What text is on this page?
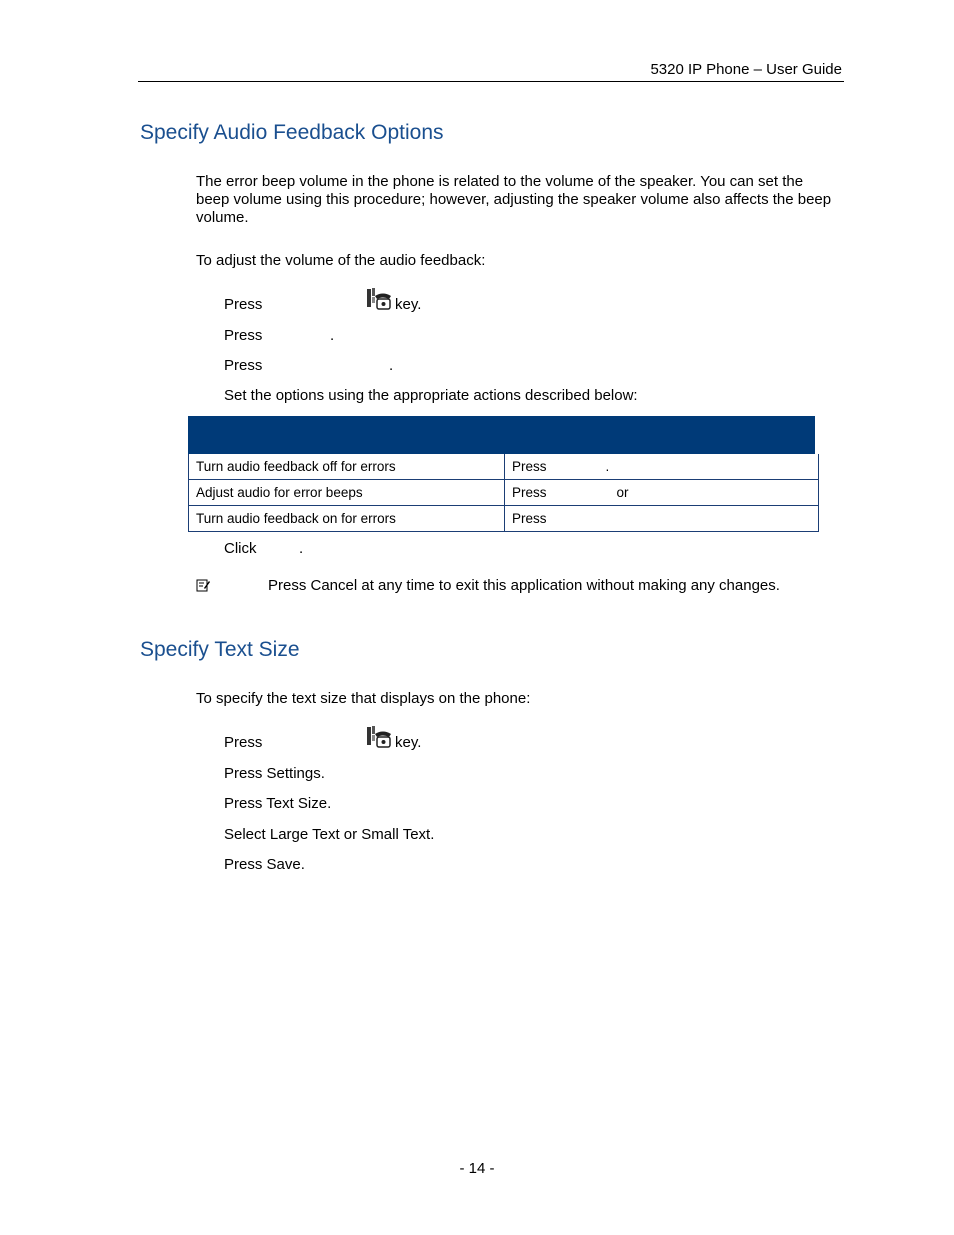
5320 IP Phone – User Guide
Specify Audio Feedback Options
The error beep volume in the phone is related to the volume of the speaker. You can set the beep volume using this procedure; however, adjusting the speaker volume also affects the beep volume.
To adjust the volume of the audio feedback:
Press	key.
Press	.
Press	.
Set the options using the appropriate actions described below:

Turn audio feedback off for errors	Press .
Adjust audio for error beeps	Press or
Turn audio feedback on for errors	Press
Click	.
Press Cancel at any time to exit this application without making any changes.
Specify Text Size
To specify the text size that displays on the phone:
Press	key.
Press Settings.
Press Text Size.
Select Large Text or Small Text.
Press Save.
- 14 -
